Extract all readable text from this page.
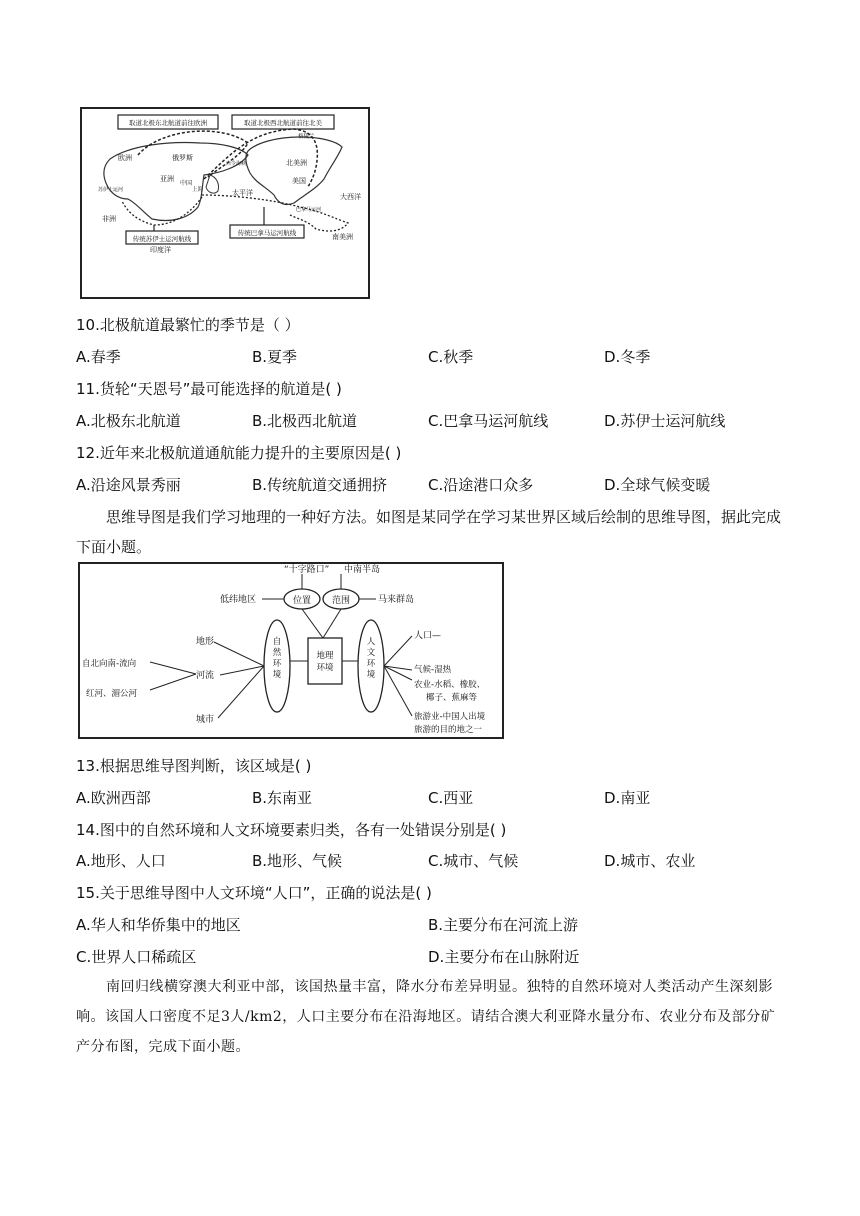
取道北极东北航道前往欧洲	取道北极西北航道前往北美
传统苏伊士运河航线
传统巴拿马运河航线
欧洲	俄罗斯
亚洲
中国
上海
苏伊士运河
非洲
印度洋
太平洋
白令海峡	北美洲
美国
格陵兰
巴拿马运河
大西洋
南美洲
10.北极航道最繁忙的季节是（ ）
A.春季	B.夏季	C.秋季	D.冬季
11.货轮“天恩号”最可能选择的航道是( )
A.北极东北航道	B.北极西北航道	C.巴拿马运河航线	D.苏伊士运河航线
12.近年来北极航道通航能力提升的主要原因是( )
A.沿途风景秀丽	B.传统航道交通拥挤	C.沿途港口众多	D.全球气候变暖
思维导图是我们学习地理的一种好方法。如图是某同学在学习某世界区域后绘制的思维导图，据此完成下面小题。
“十字路口” 中南半岛
低纬地区	位置 范围	马来群岛
地理环境
自然环境
人文环境
地形
河流
城市
自北向南-流向
红河、湄公河
人口—
气候-湿热
农业-水稻、橡胶、
椰子、蕉麻等
旅游业-中国人出境
旅游的目的地之一
13.根据思维导图判断，该区域是( )
A.欧洲西部	B.东南亚	C.西亚	D.南亚
14.图中的自然环境和人文环境要素归类，各有一处错误分别是( )
A.地形、人口	B.地形、气候	C.城市、气候	D.城市、农业
15.关于思维导图中人文环境“人口”，正确的说法是( )
A.华人和华侨集中的地区	B.主要分布在河流上游
C.世界人口稀疏区	D.主要分布在山脉附近
南回归线横穿澳大利亚中部，该国热量丰富，降水分布差异明显。独特的自然环境对人类活动产生深刻影响。该国人口密度不足3人/km2，人口主要分布在沿海地区。请结合澳大利亚降水量分布、农业分布及部分矿产分布图，完成下面小题。
